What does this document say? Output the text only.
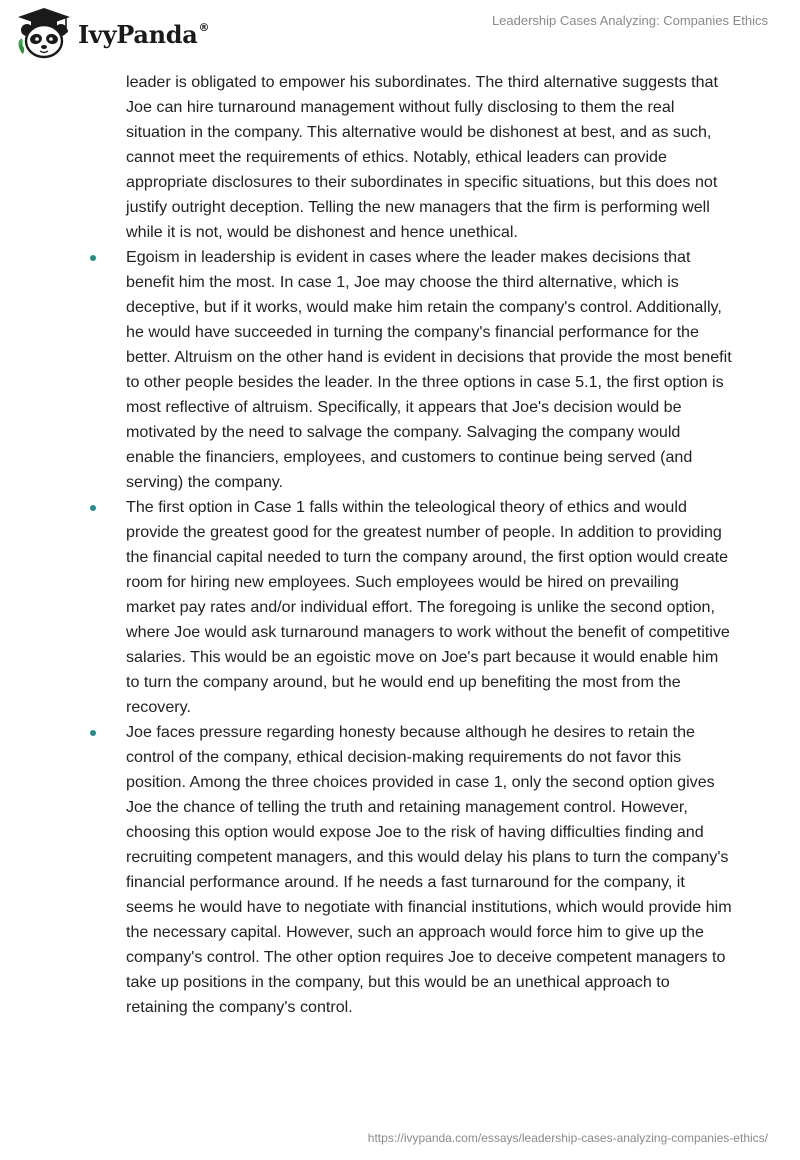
IvyPanda®	Leadership Cases Analyzing: Companies Ethics

leader is obligated to empower his subordinates. The third alternative suggests that Joe can hire turnaround management without fully disclosing to them the real situation in the company. This alternative would be dishonest at best, and as such, cannot meet the requirements of ethics. Notably, ethical leaders can provide appropriate disclosures to their subordinates in specific situations, but this does not justify outright deception. Telling the new managers that the firm is performing well while it is not, would be dishonest and hence unethical.

Egoism in leadership is evident in cases where the leader makes decisions that benefit him the most. In case 1, Joe may choose the third alternative, which is deceptive, but if it works, would make him retain the company's control. Additionally, he would have succeeded in turning the company's financial performance for the better. Altruism on the other hand is evident in decisions that provide the most benefit to other people besides the leader. In the three options in case 5.1, the first option is most reflective of altruism. Specifically, it appears that Joe's decision would be motivated by the need to salvage the company. Salvaging the company would enable the financiers, employees, and customers to continue being served (and serving) the company.
The first option in Case 1 falls within the teleological theory of ethics and would provide the greatest good for the greatest number of people. In addition to providing the financial capital needed to turn the company around, the first option would create room for hiring new employees. Such employees would be hired on prevailing market pay rates and/or individual effort. The foregoing is unlike the second option, where Joe would ask turnaround managers to work without the benefit of competitive salaries. This would be an egoistic move on Joe's part because it would enable him to turn the company around, but he would end up benefiting the most from the recovery.
Joe faces pressure regarding honesty because although he desires to retain the control of the company, ethical decision-making requirements do not favor this position. Among the three choices provided in case 1, only the second option gives Joe the chance of telling the truth and retaining management control. However, choosing this option would expose Joe to the risk of having difficulties finding and recruiting competent managers, and this would delay his plans to turn the company's financial performance around. If he needs a fast turnaround for the company, it seems he would have to negotiate with financial institutions, which would provide him the necessary capital. However, such an approach would force him to give up the company's control. The other option requires Joe to deceive competent managers to take up positions in the company, but this would be an unethical approach to retaining the company's control.
https://ivypanda.com/essays/leadership-cases-analyzing-companies-ethics/
